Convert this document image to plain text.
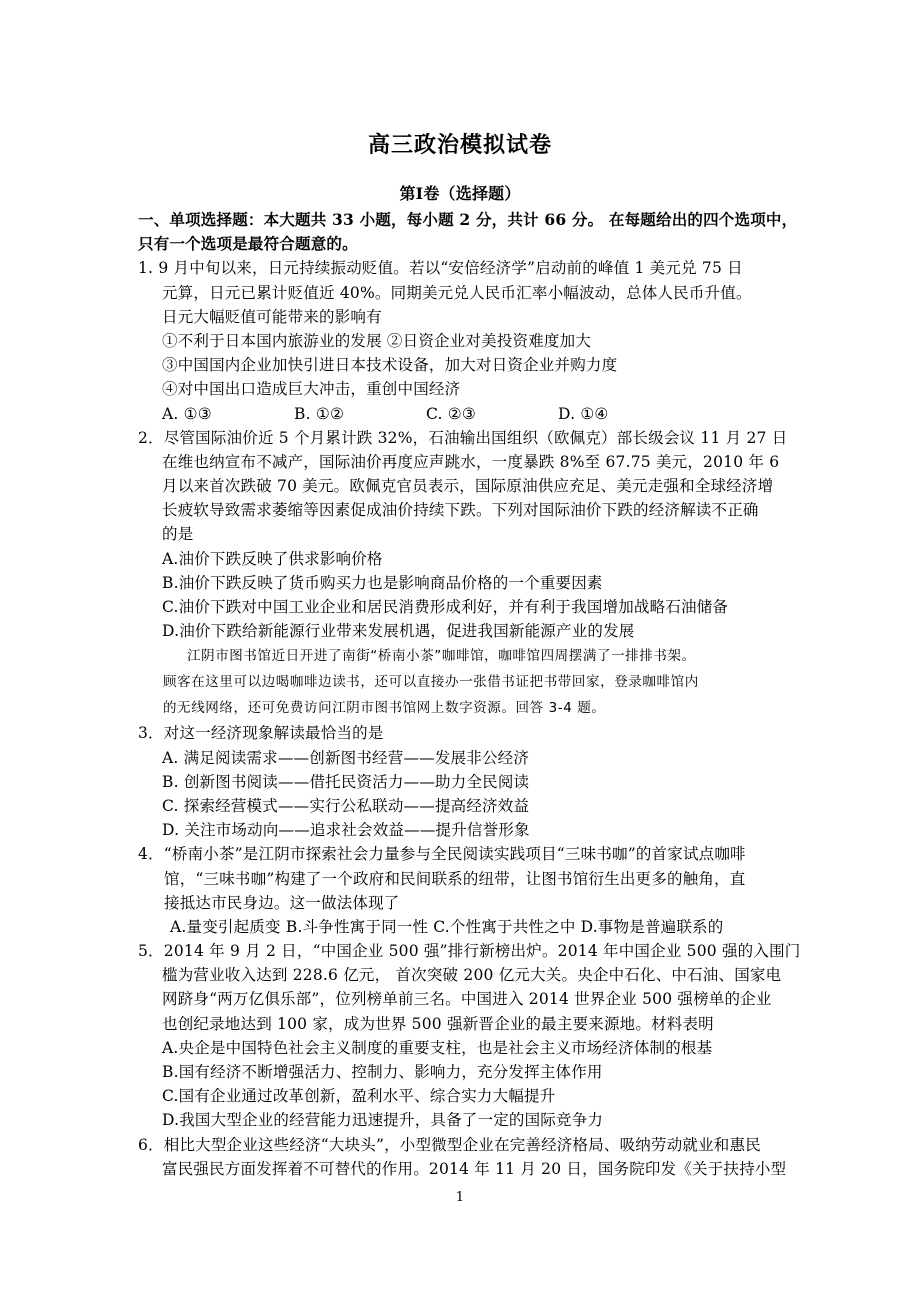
高三政治模拟试卷
第Ⅰ卷（选择题）
一、单项选择题：本大题共 33 小题，每小题 2 分，共计 66 分。 在每题给出的四个选项中，
只有一个选项是最符合题意的。
1. 9 月中旬以来，日元持续振动贬值。若以“安倍经济学”启动前的峰值 1 美元兑 75 日
元算，日元已累计贬值近 40%。同期美元兑人民币汇率小幅波动，总体人民币升值。
日元大幅贬值可能带来的影响有
①不利于日本国内旅游业的发展 ②日资企业对美投资难度加大
③中国国内企业加快引进日本技术设备，加大对日资企业并购力度
④对中国出口造成巨大冲击，重创中国经济
A. ①③	B. ①②	C. ②③	D. ①④
2．尽管国际油价近 5 个月累计跌 32%，石油输出国组织（欧佩克）部长级会议 11 月 27 日
在维也纳宣布不减产，国际油价再度应声跳水，一度暴跌 8%至 67.75 美元，2010 年 6
月以来首次跌破 70 美元。欧佩克官员表示，国际原油供应充足、美元走强和全球经济增
长疲软导致需求萎缩等因素促成油价持续下跌。下列对国际油价下跌的经济解读不正确
的是
A.油价下跌反映了供求影响价格
B.油价下跌反映了货币购买力也是影响商品价格的一个重要因素
C.油价下跌对中国工业企业和居民消费形成利好，并有利于我国增加战略石油储备
D.油价下跌给新能源行业带来发展机遇，促进我国新能源产业的发展
江阴市图书馆近日开进了南街“桥南小茶”咖啡馆，咖啡馆四周摆满了一排排书架。
顾客在这里可以边喝咖啡边读书，还可以直接办一张借书证把书带回家，登录咖啡馆内
的无线网络，还可免费访问江阴市图书馆网上数字资源。回答 3-4 题。
3．对这一经济现象解读最恰当的是
A. 满足阅读需求——创新图书经营——发展非公经济
B. 创新图书阅读——借托民资活力——助力全民阅读
C. 探索经营模式——实行公私联动——提高经济效益
D. 关注市场动向——追求社会效益——提升信誉形象
4．“桥南小茶”是江阴市探索社会力量参与全民阅读实践项目“三味书咖”的首家试点咖啡
馆，“三味书咖”构建了一个政府和民间联系的纽带，让图书馆衍生出更多的触角，直
接抵达市民身边。这一做法体现了
A.量变引起质变 B.斗争性寓于同一性 C.个性寓于共性之中 D.事物是普遍联系的
5．2014 年 9 月 2 日，“中国企业 500 强”排行新榜出炉。2014 年中国企业 500 强的入围门
槛为营业收入达到 228.6 亿元， 首次突破 200 亿元大关。央企中石化、中石油、国家电
网跻身“两万亿俱乐部”，位列榜单前三名。中国进入 2014 世界企业 500 强榜单的企业
也创纪录地达到 100 家，成为世界 500 强新晋企业的最主要来源地。材料表明
A.央企是中国特色社会主义制度的重要支柱，也是社会主义市场经济体制的根基
B.国有经济不断增强活力、控制力、影响力，充分发挥主体作用
C.国有企业通过改革创新，盈利水平、综合实力大幅提升
D.我国大型企业的经营能力迅速提升，具备了一定的国际竞争力
6．相比大型企业这些经济“大块头”，小型微型企业在完善经济格局、吸纳劳动就业和惠民
富民强民方面发挥着不可替代的作用。2014 年 11 月 20 日，国务院印发《关于扶持小型
1
